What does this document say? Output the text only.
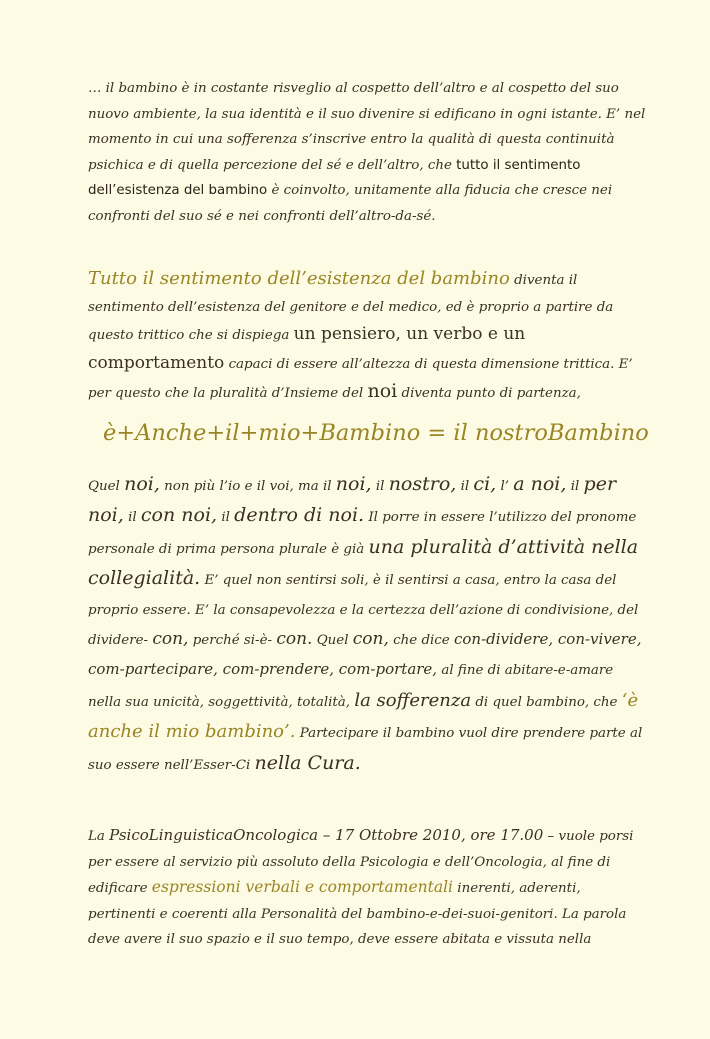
… il bambino è in costante risveglio al cospetto dell’altro e al cospetto del suo nuovo ambiente, la sua identità e il suo divenire si edificano in ogni istante. E’ nel momento in cui una sofferenza s’inscrive entro la qualità di questa continuità psichica e di quella percezione del sé e dell’altro, che tutto il sentimento dell’esistenza del bambino è coinvolto, unitamente alla fiducia che cresce nei confronti del suo sé e nei confronti dell’altro-da-sé.

Tutto il sentimento dell’esistenza del bambino diventa il sentimento dell’esistenza del genitore e del medico, ed è proprio a partire da questo trittico che si dispiega un pensiero, un verbo e un comportamento capaci di essere all’altezza di questa dimensione trittica. E’ per questo che la pluralità d’Insieme del noi diventa punto di partenza,

è+Anche+il+mio+Bambino = il nostroBambino

Quel noi, non più l’io e il voi, ma il noi, il nostro, il ci, l’ a noi, il per noi, il con noi, il dentro di noi. Il porre in essere l’utilizzo del pronome personale di prima persona plurale è già una pluralità d’attività nella collegialità. E’ quel non sentirsi soli, è il sentirsi a casa, entro la casa del proprio essere. E’ la consapevolezza e la certezza dell’azione di condivisione, del dividere- con, perché si-è- con. Quel con, che dice con-dividere, con-vivere, com-partecipare, com-prendere, com-portare, al fine di abitare-e-amare nella sua unicità, soggettività, totalità, la sofferenza di quel bambino, che ‘è anche il mio bambino’. Partecipare il bambino vuol dire prendere parte al suo essere nell’Esser-Ci nella Cura.

La PsicoLinguisticaOncologica – 17 Ottobre 2010, ore 17.00 – vuole porsi per essere al servizio più assoluto della Psicologia e dell’Oncologia, al fine di edificare espressioni verbali e comportamentali inerenti, aderenti, pertinenti e coerenti alla Personalità del bambino-e-dei-suoi-genitori. La parola deve avere il suo spazio e il suo tempo, deve essere abitata e vissuta nella
